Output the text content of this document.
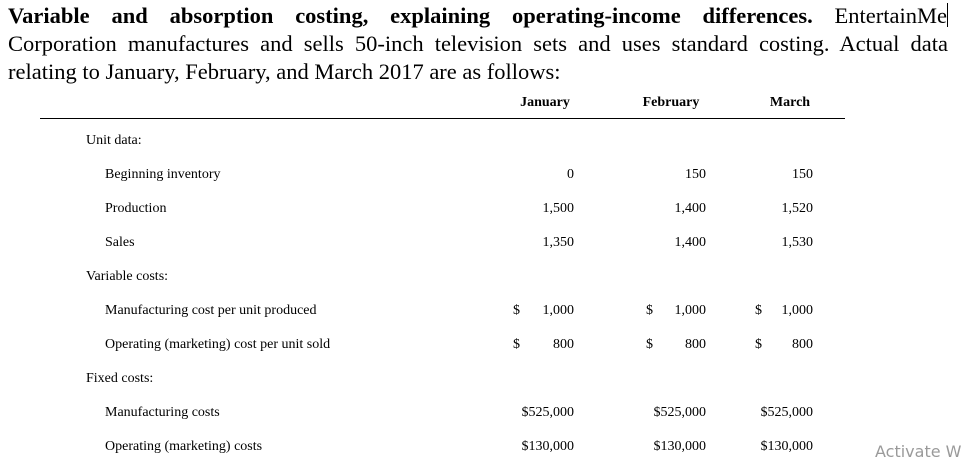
Variable and absorption costing, explaining operating-income differences. EntertainMe Corporation manufactures and sells 50-inch television sets and uses standard costing. Actual data relating to January, February, and March 2017 are as follows:
January	February	March
Unit data:
Beginning inventory	0	150	150
Production	1,500	1,400	1,520
Sales	1,350	1,400	1,530
Variable costs:
Manufacturing cost per unit produced	$ 1,000	$ 1,000	$ 1,000
Operating (marketing) cost per unit sold	$ 800	$ 800	$ 800
Fixed costs:
Manufacturing costs	$525,000	$525,000	$525,000
Operating (marketing) costs	$130,000	$130,000	$130,000	Activate W
